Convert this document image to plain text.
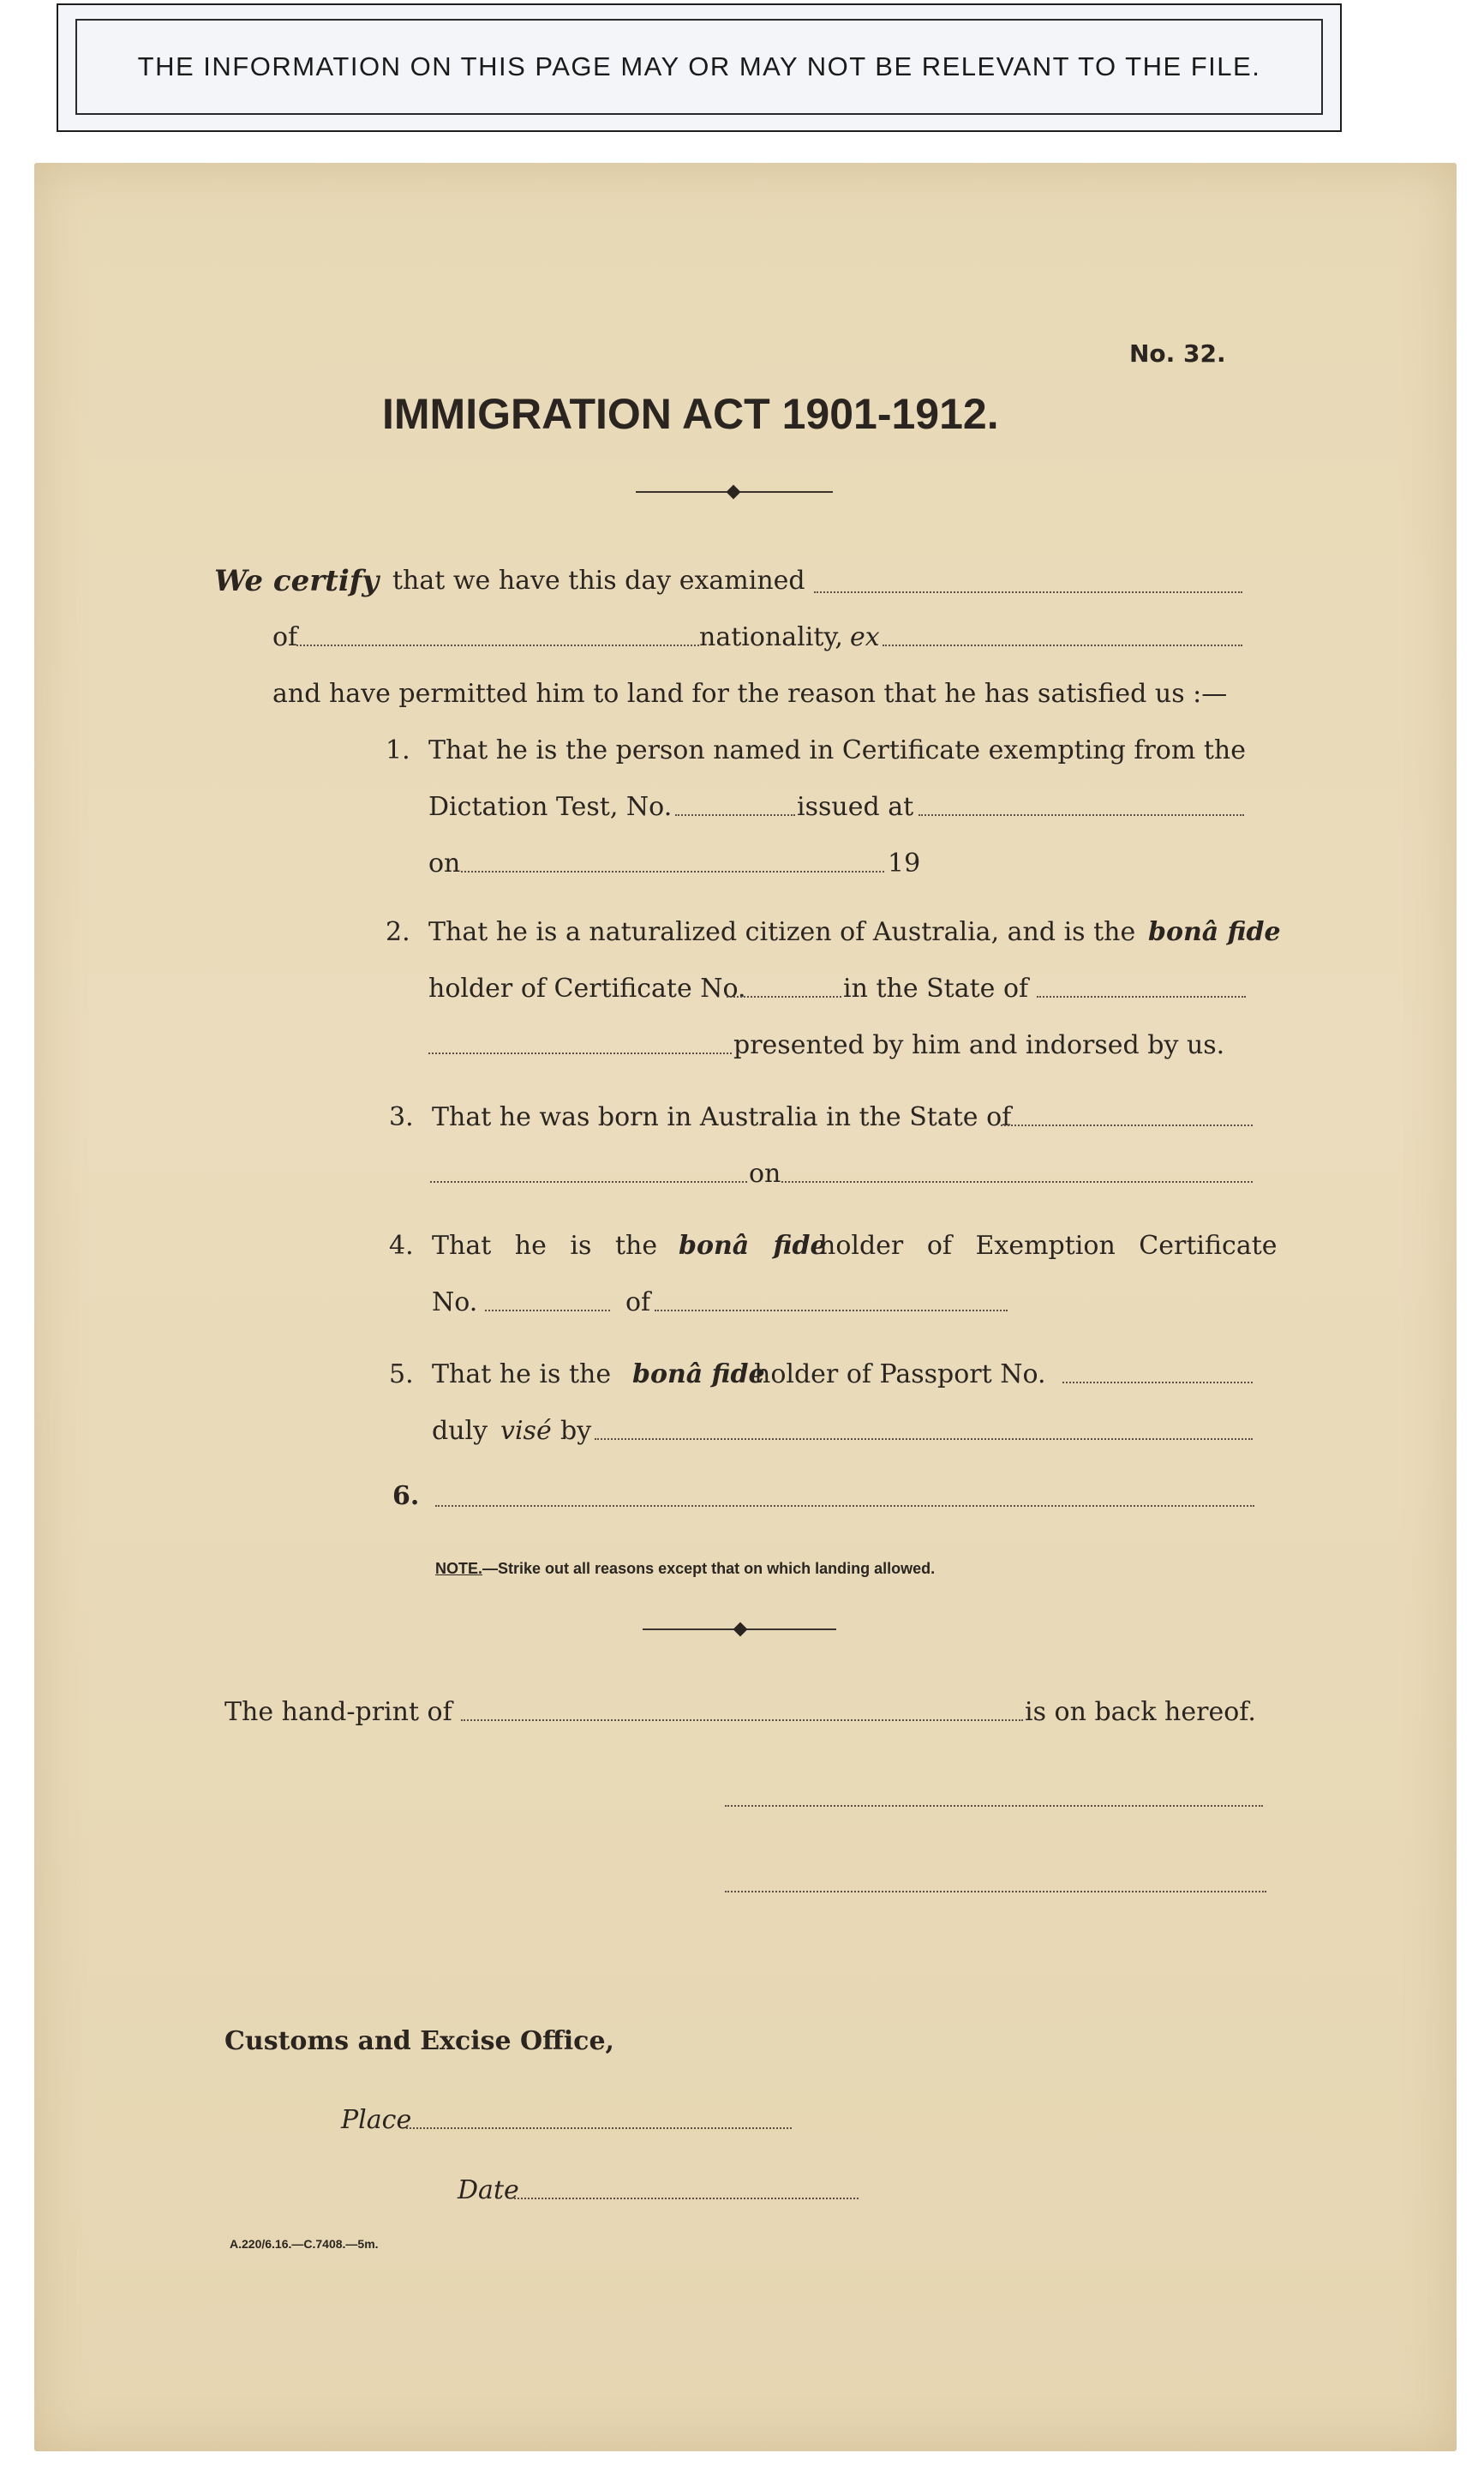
THE INFORMATION ON THIS PAGE MAY OR MAY NOT BE RELEVANT TO THE FILE.
No. 32.
IMMIGRATION ACT 1901-1912.
We certify that we have this day examined
of	nationality, ex
and have permitted him to land for the reason that he has satisfied us :—
1. That he is the person named in Certificate exempting from the
Dictation Test, No.	issued at
on	19
2. That he is a naturalized citizen of Australia, and is the bonâ fide
holder of Certificate No.	in the State of
presented by him and indorsed by us.
3. That he was born in Australia in the State of
on
4. That he is the bonâ fide
holder of Exemption Certificate
No.	of
5. That he is the bonâ fide
holder of Passport No.
duly visé by
6.
NOTE.—Strike out all reasons except that on which landing allowed.
The hand-print of	is on back hereof.
Customs and Excise Office,
Place
Date
A.220/6.16.—C.7408.—5m.
